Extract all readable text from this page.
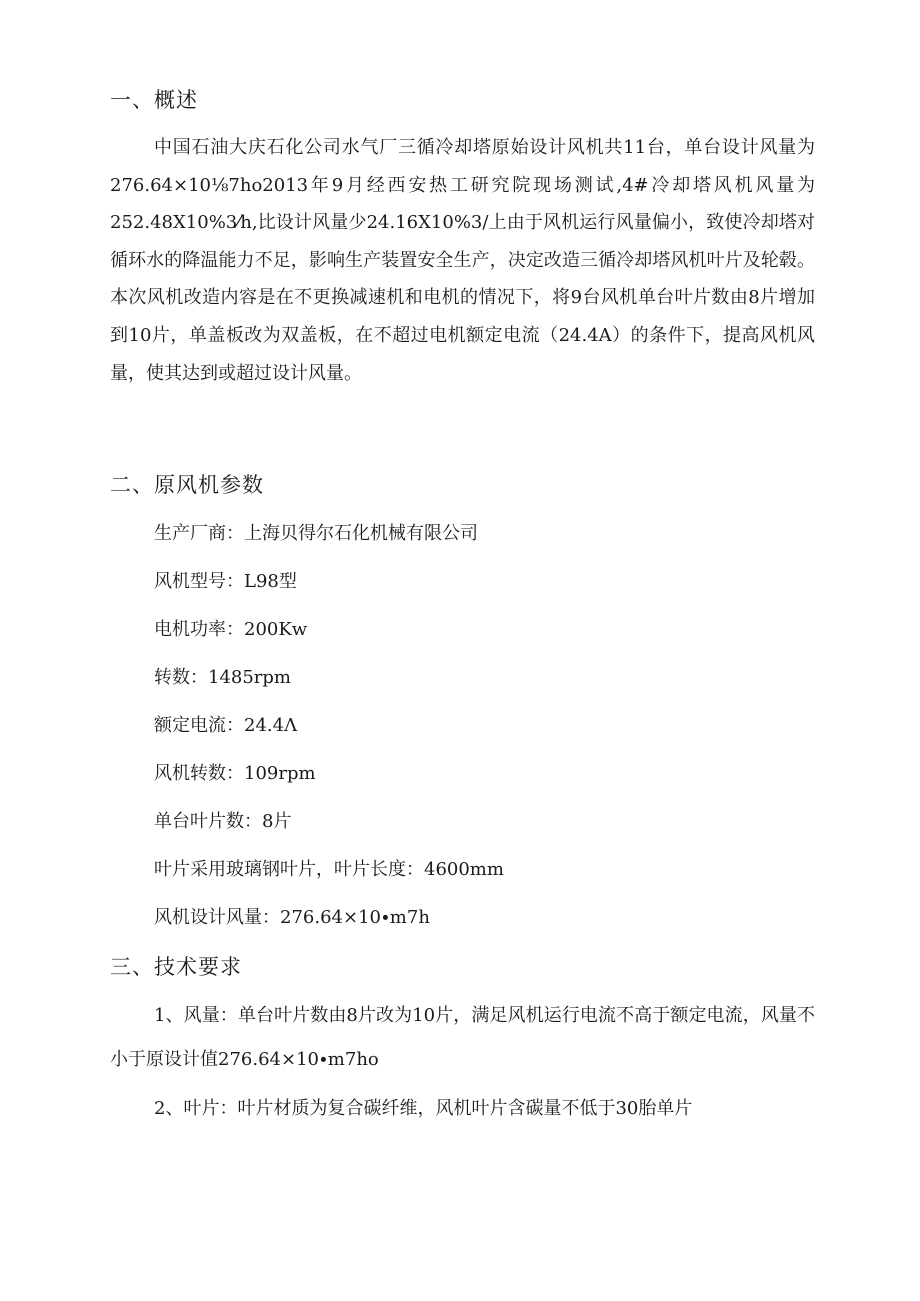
一、概述

中国石油大庆石化公司水气厂三循冷却塔原始设计风机共11台，单台设计风量为276.64×10⅛7ho2013年9月经西安热工研究院现场测试,4#冷却塔风机风量为252.48X10%3⁄h,比设计风量少24.16X10%3/上由于风机运行风量偏小，致使冷却塔对循环水的降温能力不足，影响生产装置安全生产，决定改造三循冷却塔风机叶片及轮毂。本次风机改造内容是在不更换减速机和电机的情况下，将9台风机单台叶片数由8片增加到10片，单盖板改为双盖板，在不超过电机额定电流（24.4A）的条件下，提高风机风量，使其达到或超过设计风量。

二、原风机参数
生产厂商：上海贝得尔石化机械有限公司
风机型号：L98型
电机功率：200Kw
转数：1485rpm
额定电流：24.4Λ
风机转数：109rpm
单台叶片数：8片
叶片采用玻璃钢叶片，叶片长度：4600mm
风机设计风量：276.64×10∙m7h
三、技术要求

1、风量：单台叶片数由8片改为10片，满足风机运行电流不高于额定电流，风量不小于原设计值276.64×10∙m7ho

2、叶片：叶片材质为复合碳纤维，风机叶片含碳量不低于30胎单片
